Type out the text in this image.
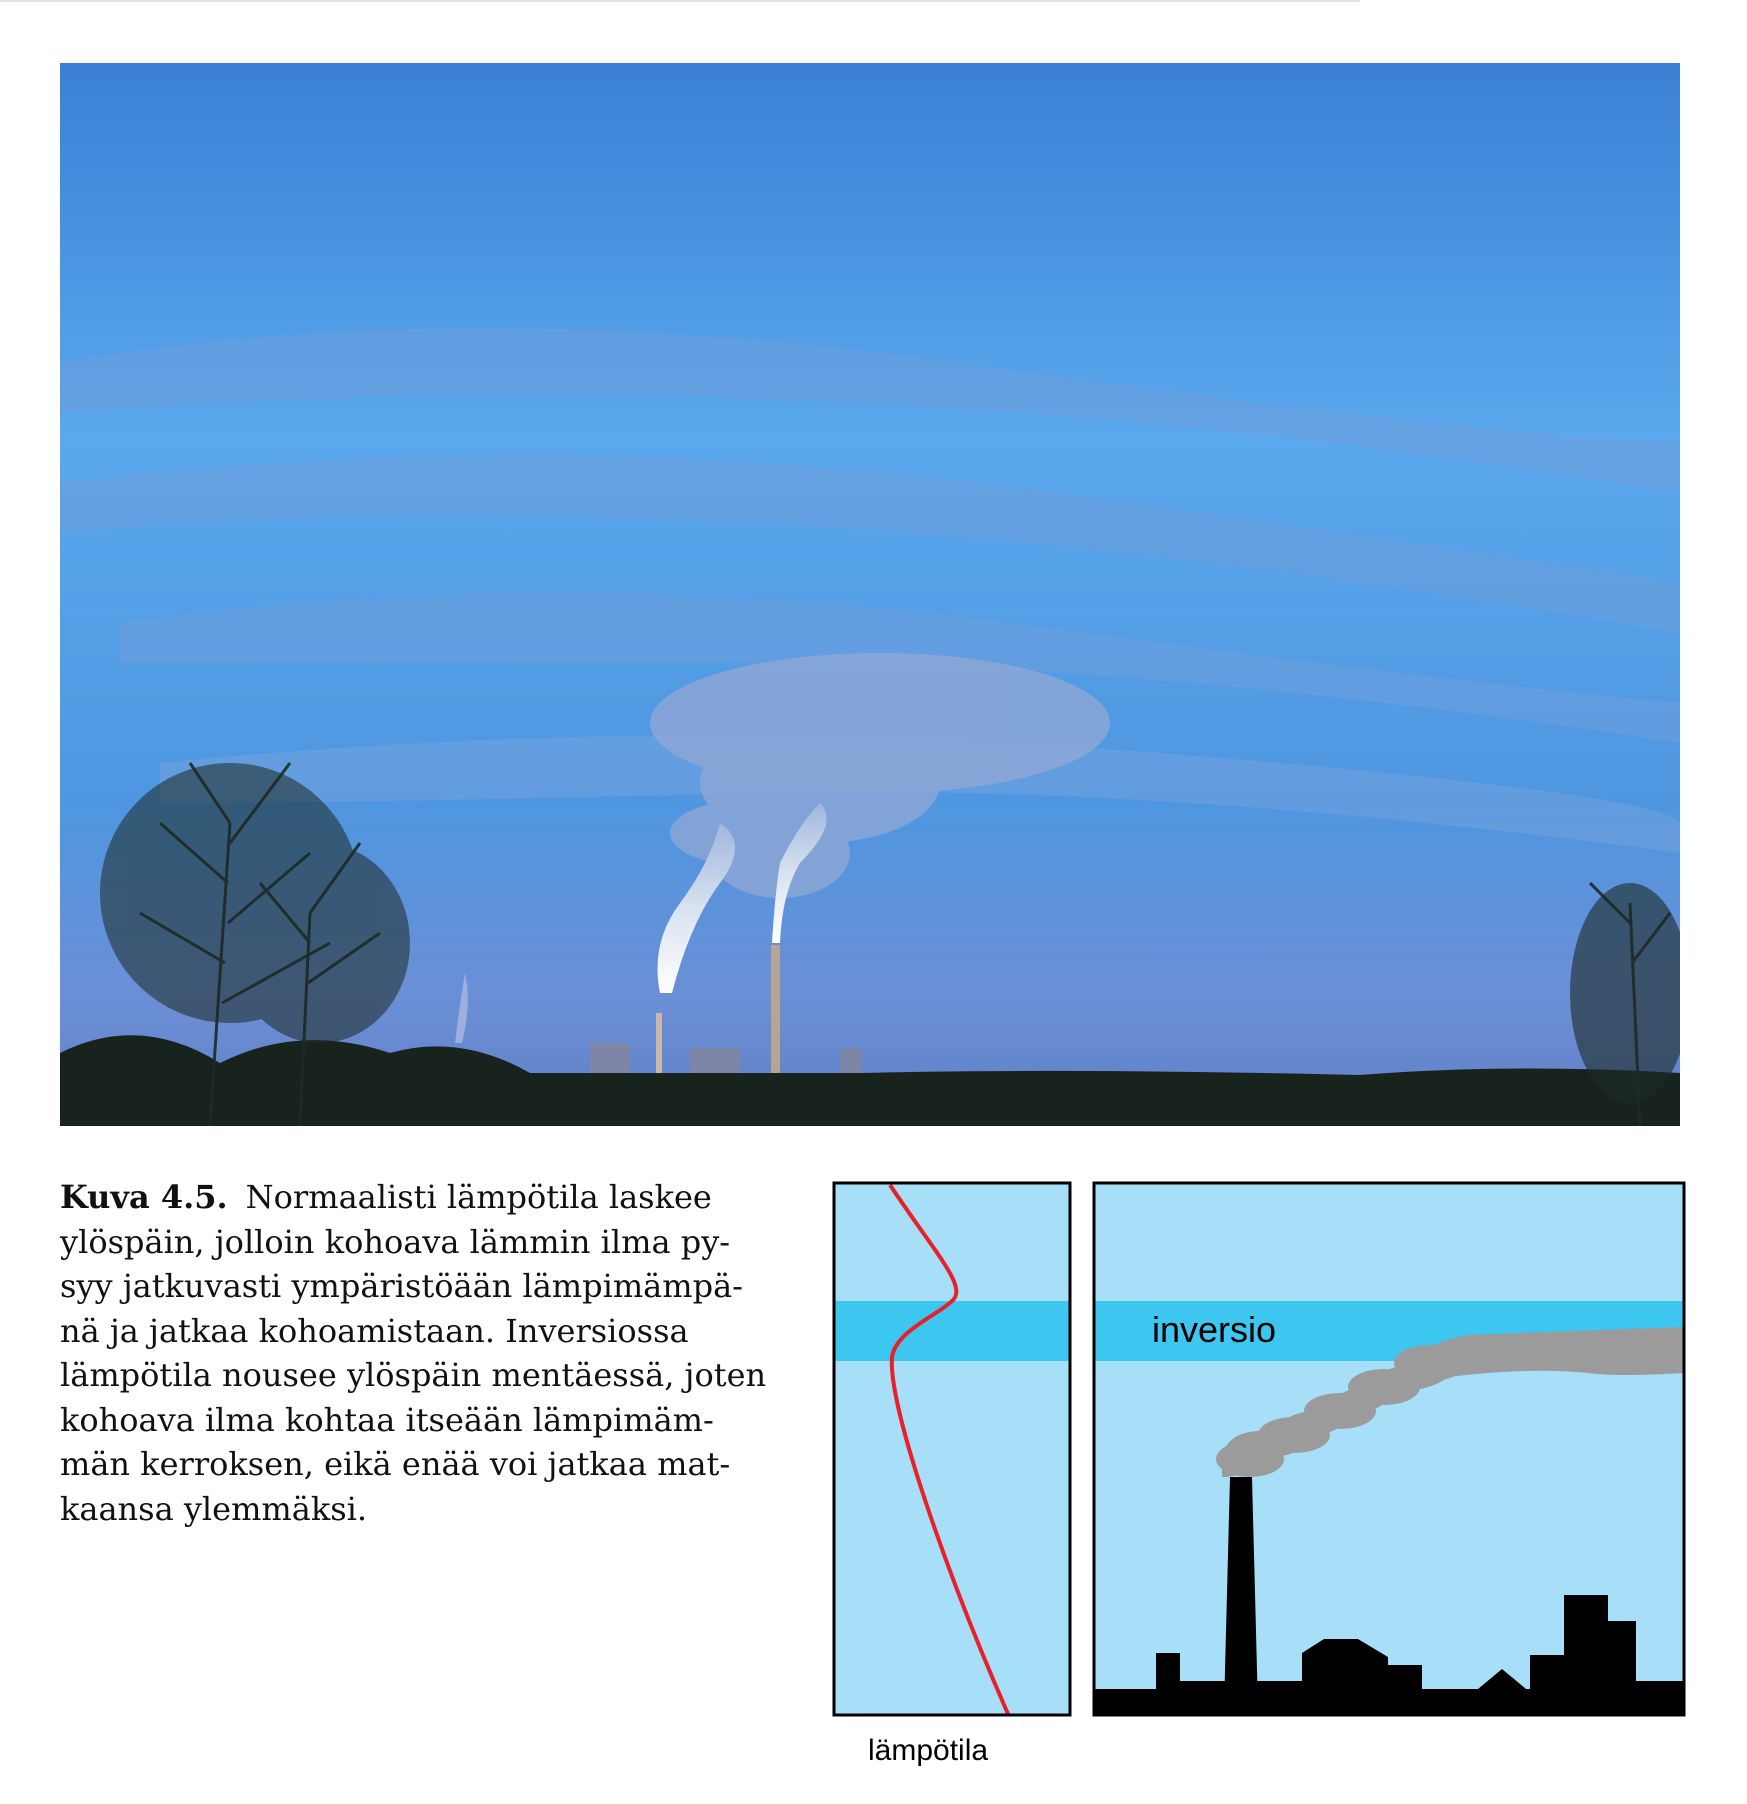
Kuva 4.5. Normaalisti lämpötila laskee
ylöspäin, jolloin kohoava lämmin ilma py-
syy jatkuvasti ympäristöään lämpimämpä-
nä ja jatkaa kohoamistaan. Inversiossa
lämpötila nousee ylöspäin mentäessä, joten
kohoava ilma kohtaa itseään lämpimäm-
män kerroksen, eikä enää voi jatkaa mat-
kaansa ylemmäksi.
lämpötila
inversio
